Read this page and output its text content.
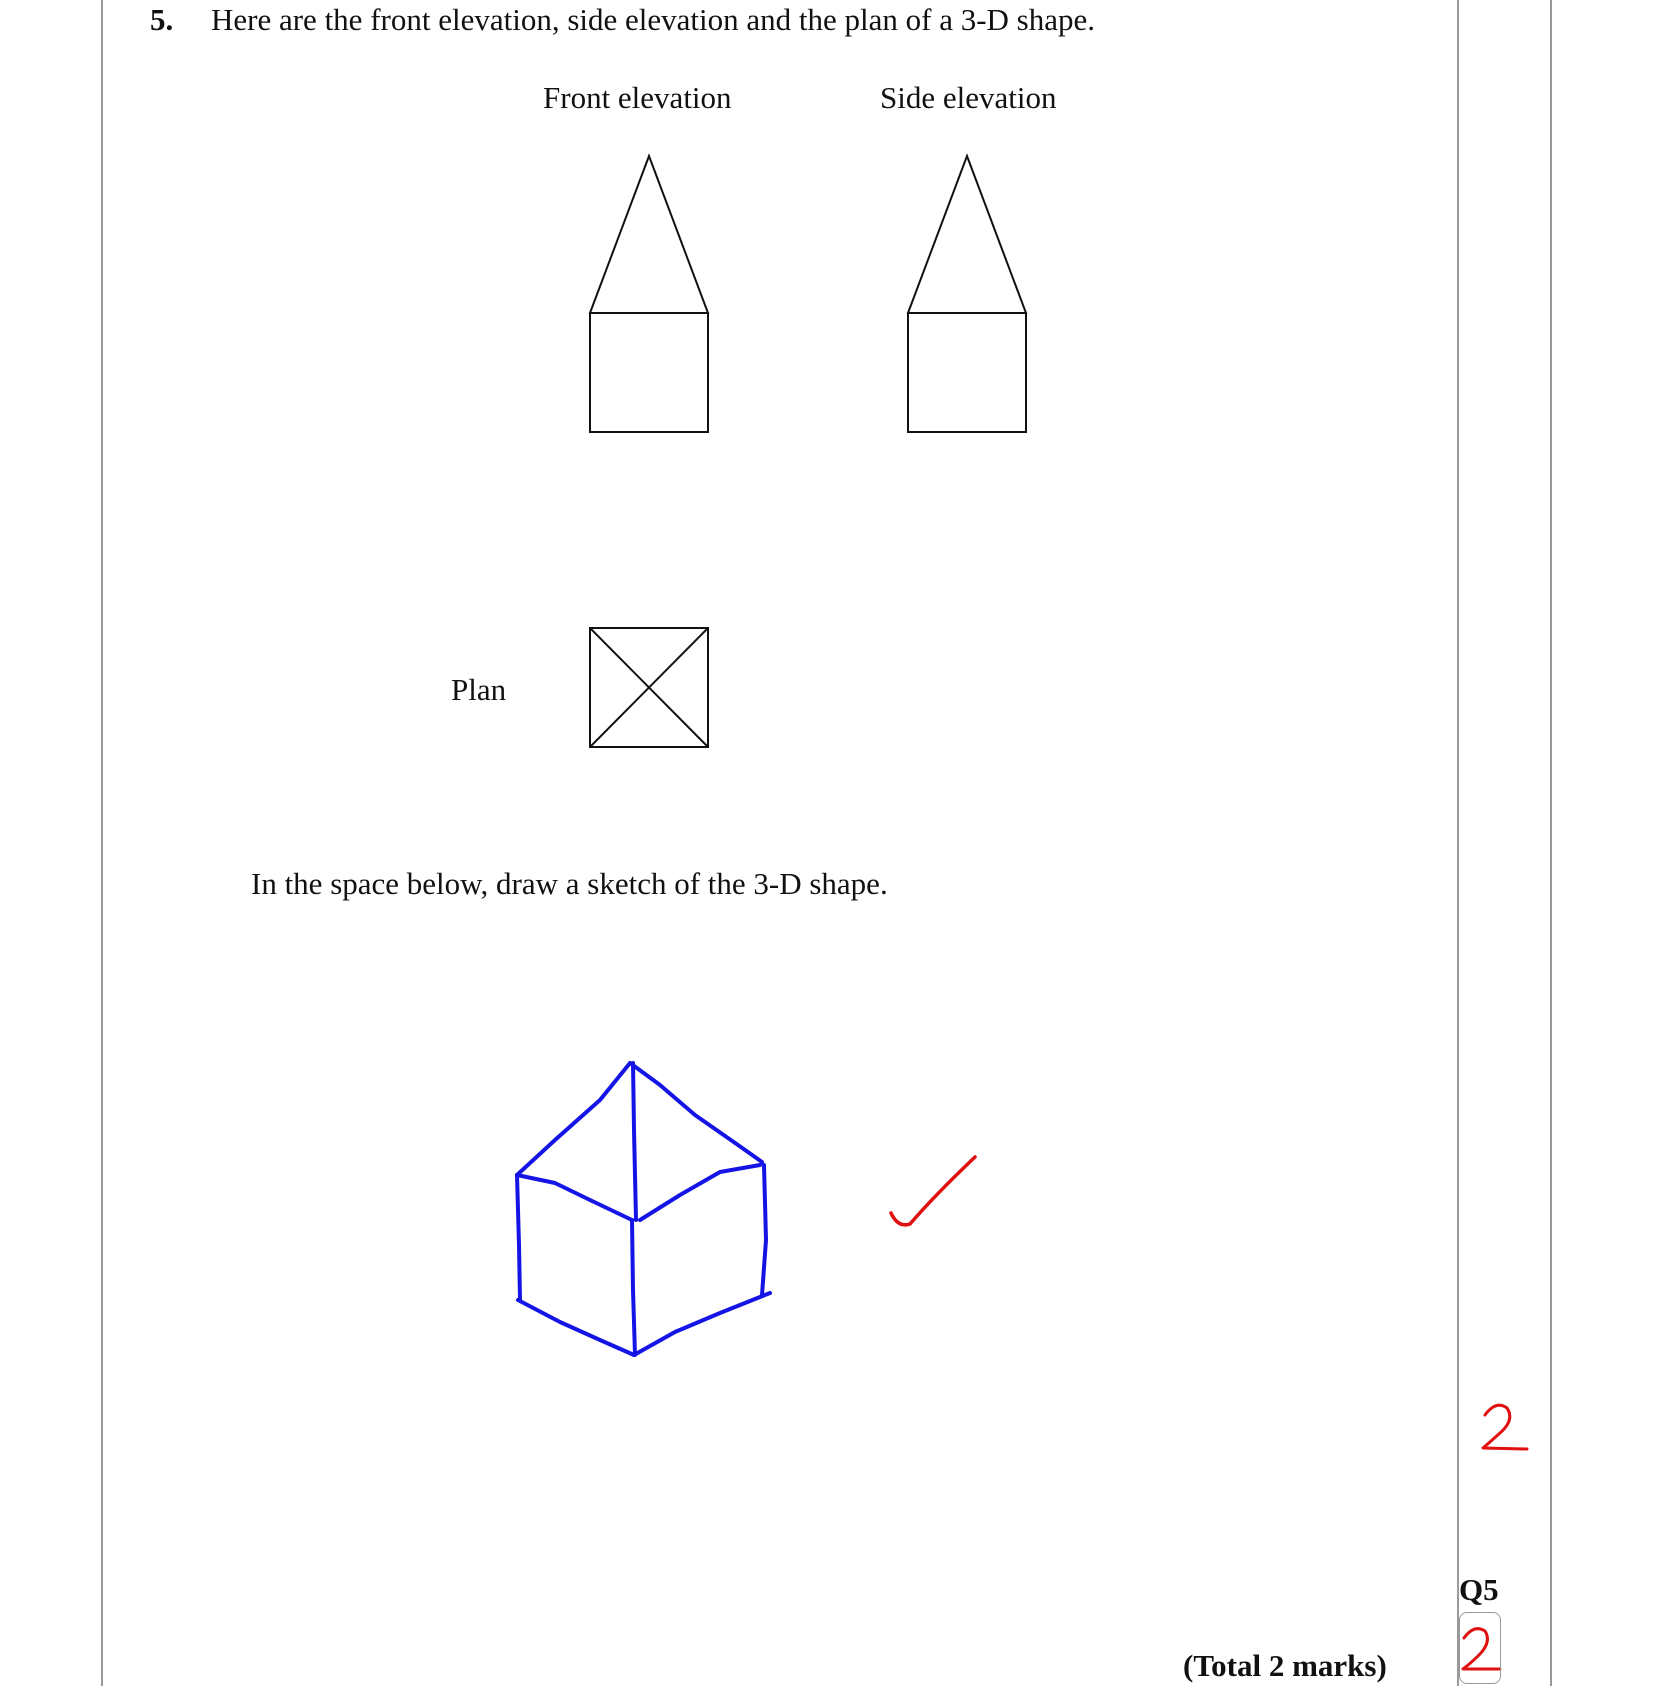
5. Here are the front elevation, side elevation and the plan of a 3-D shape.
Front elevation	Side elevation
Plan
In the space below, draw a sketch of the 3-D shape.
(Total 2 marks)
Q5
